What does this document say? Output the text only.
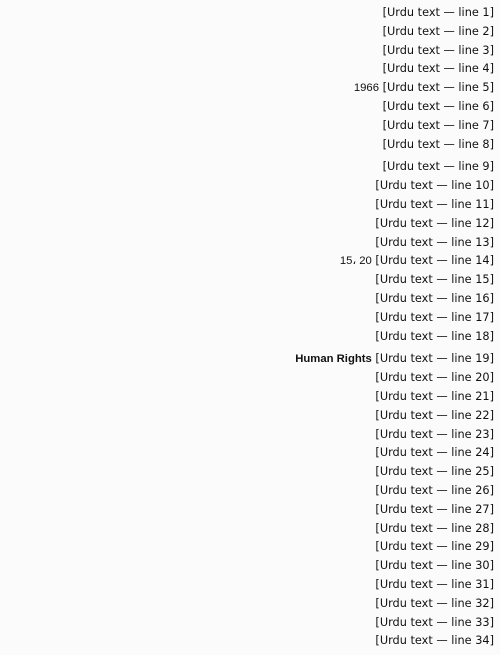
[Urdu text — line 1]
[Urdu text — line 2]
[Urdu text — line 3]
[Urdu text — line 4]
[Urdu text — line 5] 1966
[Urdu text — line 6]
[Urdu text — line 7]
[Urdu text — line 8]
[Urdu text — line 9]
[Urdu text — line 10]
[Urdu text — line 11]
[Urdu text — line 12]
[Urdu text — line 13]
[Urdu text — line 14] 15، 20
[Urdu text — line 15]
[Urdu text — line 16]
[Urdu text — line 17]
[Urdu text — line 18]
[Urdu text — line 19] Human Rights
[Urdu text — line 20]
[Urdu text — line 21]
[Urdu text — line 22]
[Urdu text — line 23]
[Urdu text — line 24]
[Urdu text — line 25]
[Urdu text — line 26]
[Urdu text — line 27]
[Urdu text — line 28]
[Urdu text — line 29]
[Urdu text — line 30]
[Urdu text — line 31]
[Urdu text — line 32]
[Urdu text — line 33]
[Urdu text — line 34]
